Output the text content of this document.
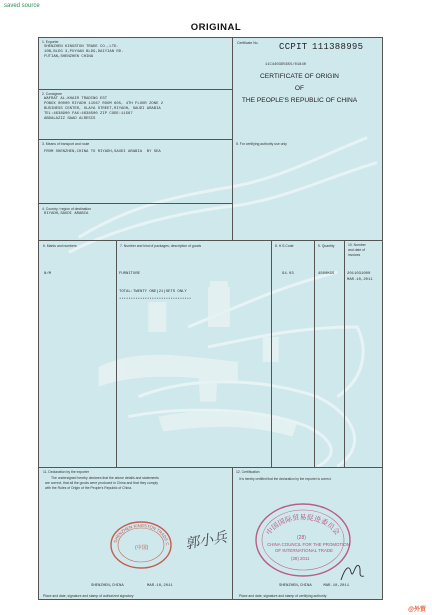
saved source
ORIGINAL
1. Exporter
SHENZHEN KINGSTON TRADE CO.,LTD.
10B,BLDG 3,PUYUAN BLDG,DAIYIAN RD.
FUTIAN,SHENZHEN CHINA
Certificate No. CCPIT 111388995
11C4403D5655/01840
CERTIFICATE OF ORIGIN
OF
THE PEOPLE'S REPUBLIC OF CHINA
2. Consignee
WAFRAT AL-KHAIR TRADING EST
POBOX 00000 RIYADH 11567 ROOM 605, 4TH FLOOR ZONE 2
BUSINESS CENTER, OLAYA STREET,RIYADH, SAUDI ARABIA
TEL:4638900 FAX:4638500 ZIP CODE:11567
ABDALAZIZ SAAD ALRESIS
3. Means of transport and route
FROM SHENZHEN,CHINA TO RIYADH,SAUDI ARABIA  BY SEA
5. For certifying authority use only
4. Country / region of destination
RIYADH,SAUDI ARABIA
6. Marks and numbers
N/M
7. Number and kind of packages; description of goods
FURNITURE
TOTAL:TWENTY ONE(21)SETS ONLY
*******************************
8. H.S.Code
94.03
9. Quantity
4500KGS
10. Number
and date of
invoices
2011031000
MAR.10,2011
11. Declaration by the exporter
The undersigned hereby declares that the above details and statements
are correct, that all the goods were produced in China and that they comply
with the Rules of Origin of the People's Republic of China.
SHENZHEN KINGSTON TRADE C
(中国)	郭小兵
SHENZHEN,CHINA          MAR.10,2011
Place and date, signature and stamp of authorized signatory
12. Certification
It is hereby certified that the declaration by the exporter is correct.
中国国际贸易促进委员会
(28)
CHINA COUNCIL FOR THE PROMOTION
OF INTERNATIONAL TRADE
(28) 2011
SHENZHEN,CHINA     MAR.10,2011
Place and date, signature and stamp of certifying authority
@外贸
